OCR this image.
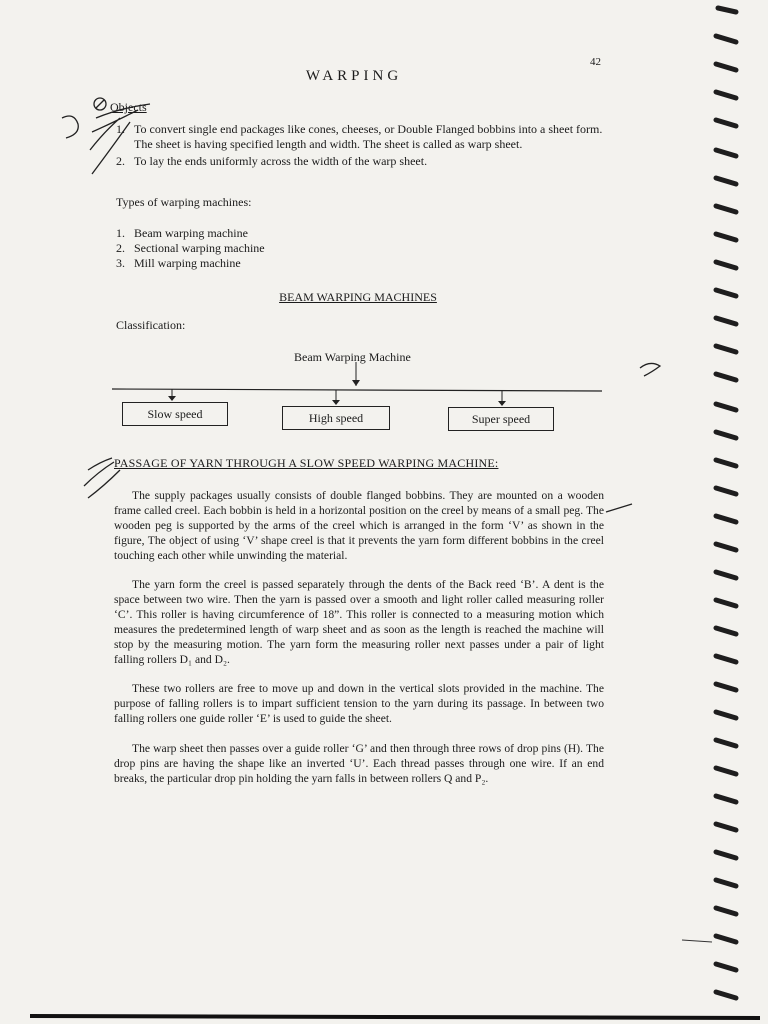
42
WARPING
Objects
1. To convert single end packages like cones, cheeses, or Double Flanged bobbins into a sheet form. The sheet is having specified length and width. The sheet is called as warp sheet.
2. To lay the ends uniformly across the width of the warp sheet.
Types of warping machines:
1. Beam warping machine
2. Sectional warping machine
3. Mill warping machine
BEAM WARPING MACHINES
Classification:
Beam Warping Machine
Slow speed	High speed	Super speed
PASSAGE OF YARN THROUGH A SLOW SPEED WARPING MACHINE:

The supply packages usually consists of double flanged bobbins. They are mounted on a wooden frame called creel. Each bobbin is held in a horizontal position on the creel by means of a small peg. The wooden peg is supported by the arms of the creel which is arranged in the form ‘V’ as shown in the figure, The object of using ‘V’ shape creel is that it prevents the yarn form different bobbins in the creel touching each other while unwinding the material.

The yarn form the creel is passed separately through the dents of the Back reed ‘B’. A dent is the space between two wire. Then the yarn is passed over a smooth and light roller called measuring roller ‘C’. This roller is having circumference of 18”. This roller is connected to a measuring motion which measures the predetermined length of warp sheet and as soon as the length is reached the machine will stop by the measuring motion. The yarn form the measuring roller next passes under a pair of light falling rollers D₁ and D₂.

These two rollers are free to move up and down in the vertical slots provided in the machine. The purpose of falling rollers is to impart sufficient tension to the yarn during its passage. In between two falling rollers one guide roller ‘E’ is used to guide the sheet.

The warp sheet then passes over a guide roller ‘G’ and then through three rows of drop pins (H). The drop pins are having the shape like an inverted ‘U’. Each thread passes through one wire. If an end breaks, the particular drop pin holding the yarn falls in between rollers Q and P₂.
